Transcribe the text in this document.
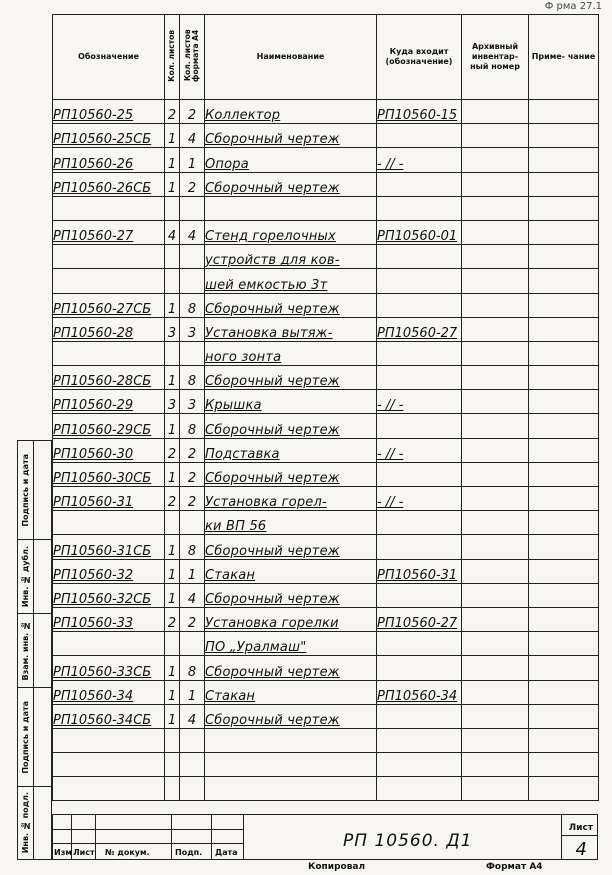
Ф рма 27.1
Обозначение	Кол. листов	Кол. листов формата А4	Наименование	Куда входит (обозначение)	Архивный инвентар- ный номер	Приме- чание
РП10560-25	2	2	Коллектор	РП10560-15		
РП10560-25СБ	1	4	Сборочный чертеж			
РП10560-26	1	1	Опора	- // -		
РП10560-26СБ	1	2	Сборочный чертеж			

РП10560-27	4	4	Стенд горелочных	РП10560-01		
			устройств для ков-			
			шей емкостью 3т			
РП10560-27СБ	1	8	Сборочный чертеж			
РП10560-28	3	3	Установка вытяж-	РП10560-27		
			ного зонта			
РП10560-28СБ	1	8	Сборочный чертеж			
РП10560-29	3	3	Крышка	- // -		
РП10560-29СБ	1	8	Сборочный чертеж			
РП10560-30	2	2	Подставка	- // -		
РП10560-30СБ	1	2	Сборочный чертеж			
РП10560-31	2	2	Установка горел-	- // -		
			ки ВП 56			
РП10560-31СБ	1	8	Сборочный чертеж			
РП10560-32	1	1	Стакан	РП10560-31		
РП10560-32СБ	1	4	Сборочный чертеж			
РП10560-33	2	2	Установка горелки	РП10560-27		
			ПО „Уралмаш"			
РП10560-33СБ	1	8	Сборочный чертеж			
РП10560-34	1	1	Стакан	РП10560-34		
РП10560-34СБ	1	4	Сборочный чертеж			

Подпись и дата
Инв. № дубл.
Взам. инв. №
Подпись и дата
Инв. № подл.	Изм Лист № докум.	Подп. Дата
РП 10560. Д1
Лист
4
Копировал	Формат А4
